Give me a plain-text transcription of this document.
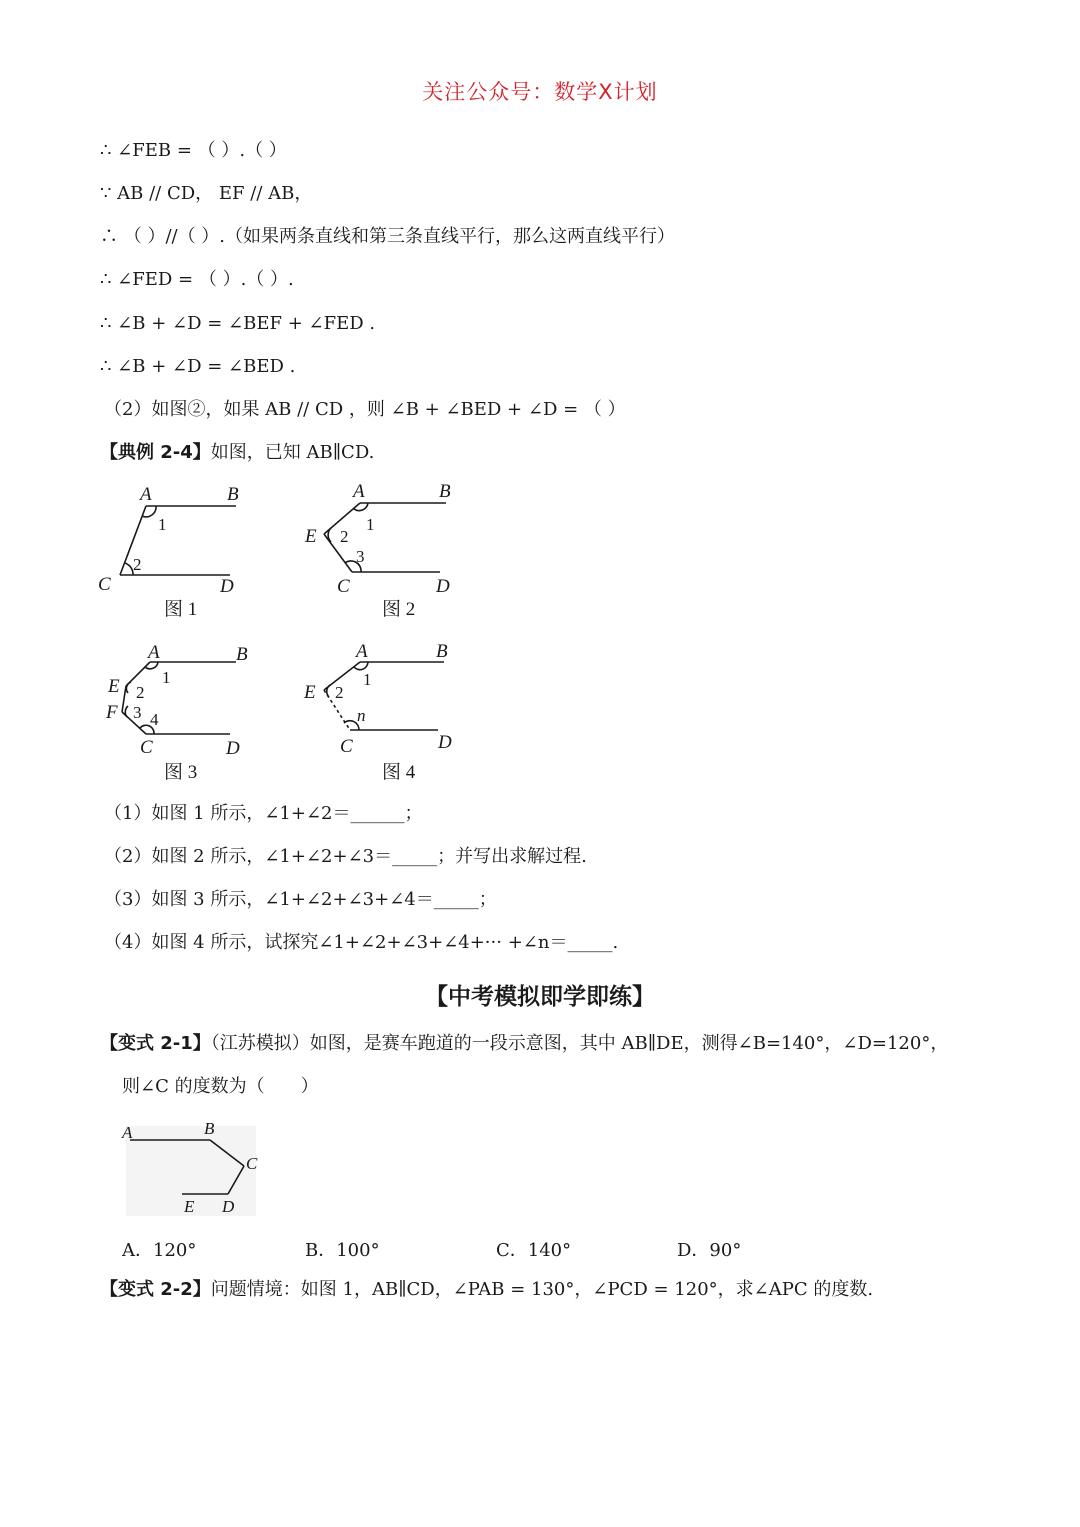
关注公众号：数学X计划
∴ ∠FEB = （ ）.（ ）
∵ AB // CD， EF // AB，
∴ （ ）//（ ）.（如果两条直线和第三条直线平行，那么这两直线平行）
∴ ∠FED = （ ）.（ ）.
∴ ∠B + ∠D = ∠BEF + ∠FED .
∴ ∠B + ∠D = ∠BED .
（2）如图②，如果 AB // CD ，则 ∠B + ∠BED + ∠D = （ ）
【典例 2-4】如图，已知 AB∥CD.
A	B
C	D
1
2
图 1
A	B
E
C	D
1
2
3
图 2
A	B
E
F
C	D
1
2
3 4
图 3
A	B
E
C	D
1
2
n
图 4
（1）如图 1 所示，∠1+∠2＝______；
（2）如图 2 所示，∠1+∠2+∠3＝_____；并写出求解过程.
（3）如图 3 所示，∠1+∠2+∠3+∠4＝_____；
（4）如图 4 所示，试探究∠1+∠2+∠3+∠4+··· +∠n＝_____.
【中考模拟即学即练】
【变式 2-1】（江苏模拟）如图，是赛车跑道的一段示意图，其中 AB∥DE，测得∠B=140°，∠D=120°，
则∠C 的度数为（　　）
A	B
C
E D
A．120°	B．100°	C．140°	D．90°
【变式 2-2】问题情境：如图 1，AB∥CD，∠PAB = 130°，∠PCD = 120°，求∠APC 的度数.
